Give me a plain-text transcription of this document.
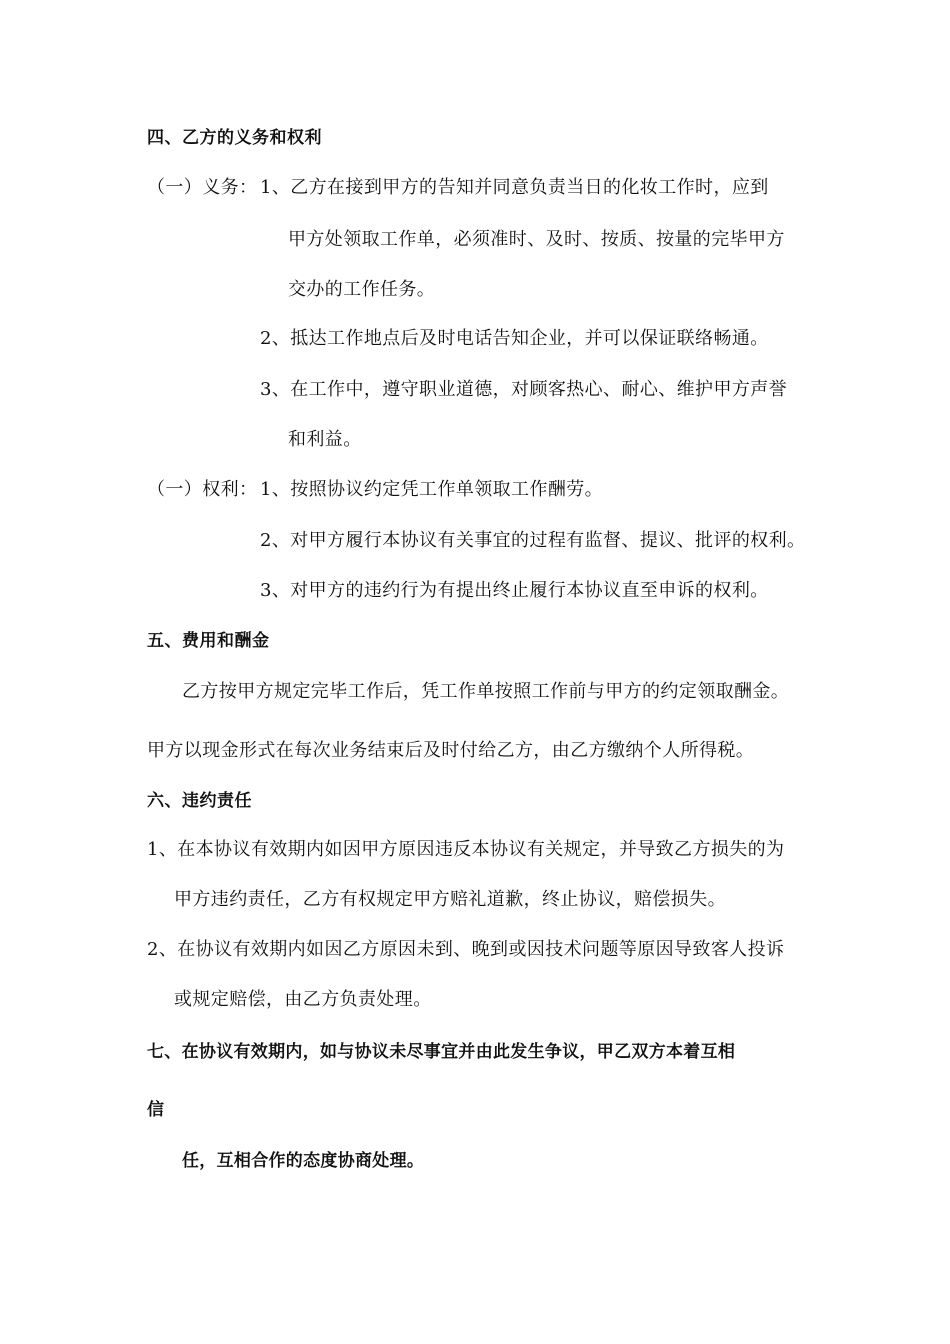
四、乙方的义务和权利
（一）义务： 1、乙方在接到甲方的告知并同意负责当日的化妆工作时，应到
甲方处领取工作单，必须准时、及时、按质、按量的完毕甲方
交办的工作任务。
2、抵达工作地点后及时电话告知企业，并可以保证联络畅通。
3、在工作中，遵守职业道德，对顾客热心、耐心、维护甲方声誉
和利益。
（一）权利： 1、按照协议约定凭工作单领取工作酬劳。
2、对甲方履行本协议有关事宜的过程有监督、提议、批评的权利。
3、对甲方的违约行为有提出终止履行本协议直至申诉的权利。
五、费用和酬金
乙方按甲方规定完毕工作后，凭工作单按照工作前与甲方的约定领取酬金。
甲方以现金形式在每次业务结束后及时付给乙方，由乙方缴纳个人所得税。
六、违约责任
1、在本协议有效期内如因甲方原因违反本协议有关规定，并导致乙方损失的为
甲方违约责任，乙方有权规定甲方赔礼道歉，终止协议，赔偿损失。
2、在协议有效期内如因乙方原因未到、晚到或因技术问题等原因导致客人投诉
或规定赔偿，由乙方负责处理。
七、在协议有效期内，如与协议未尽事宜并由此发生争议，甲乙双方本着互相
信
任，互相合作的态度协商处理。
